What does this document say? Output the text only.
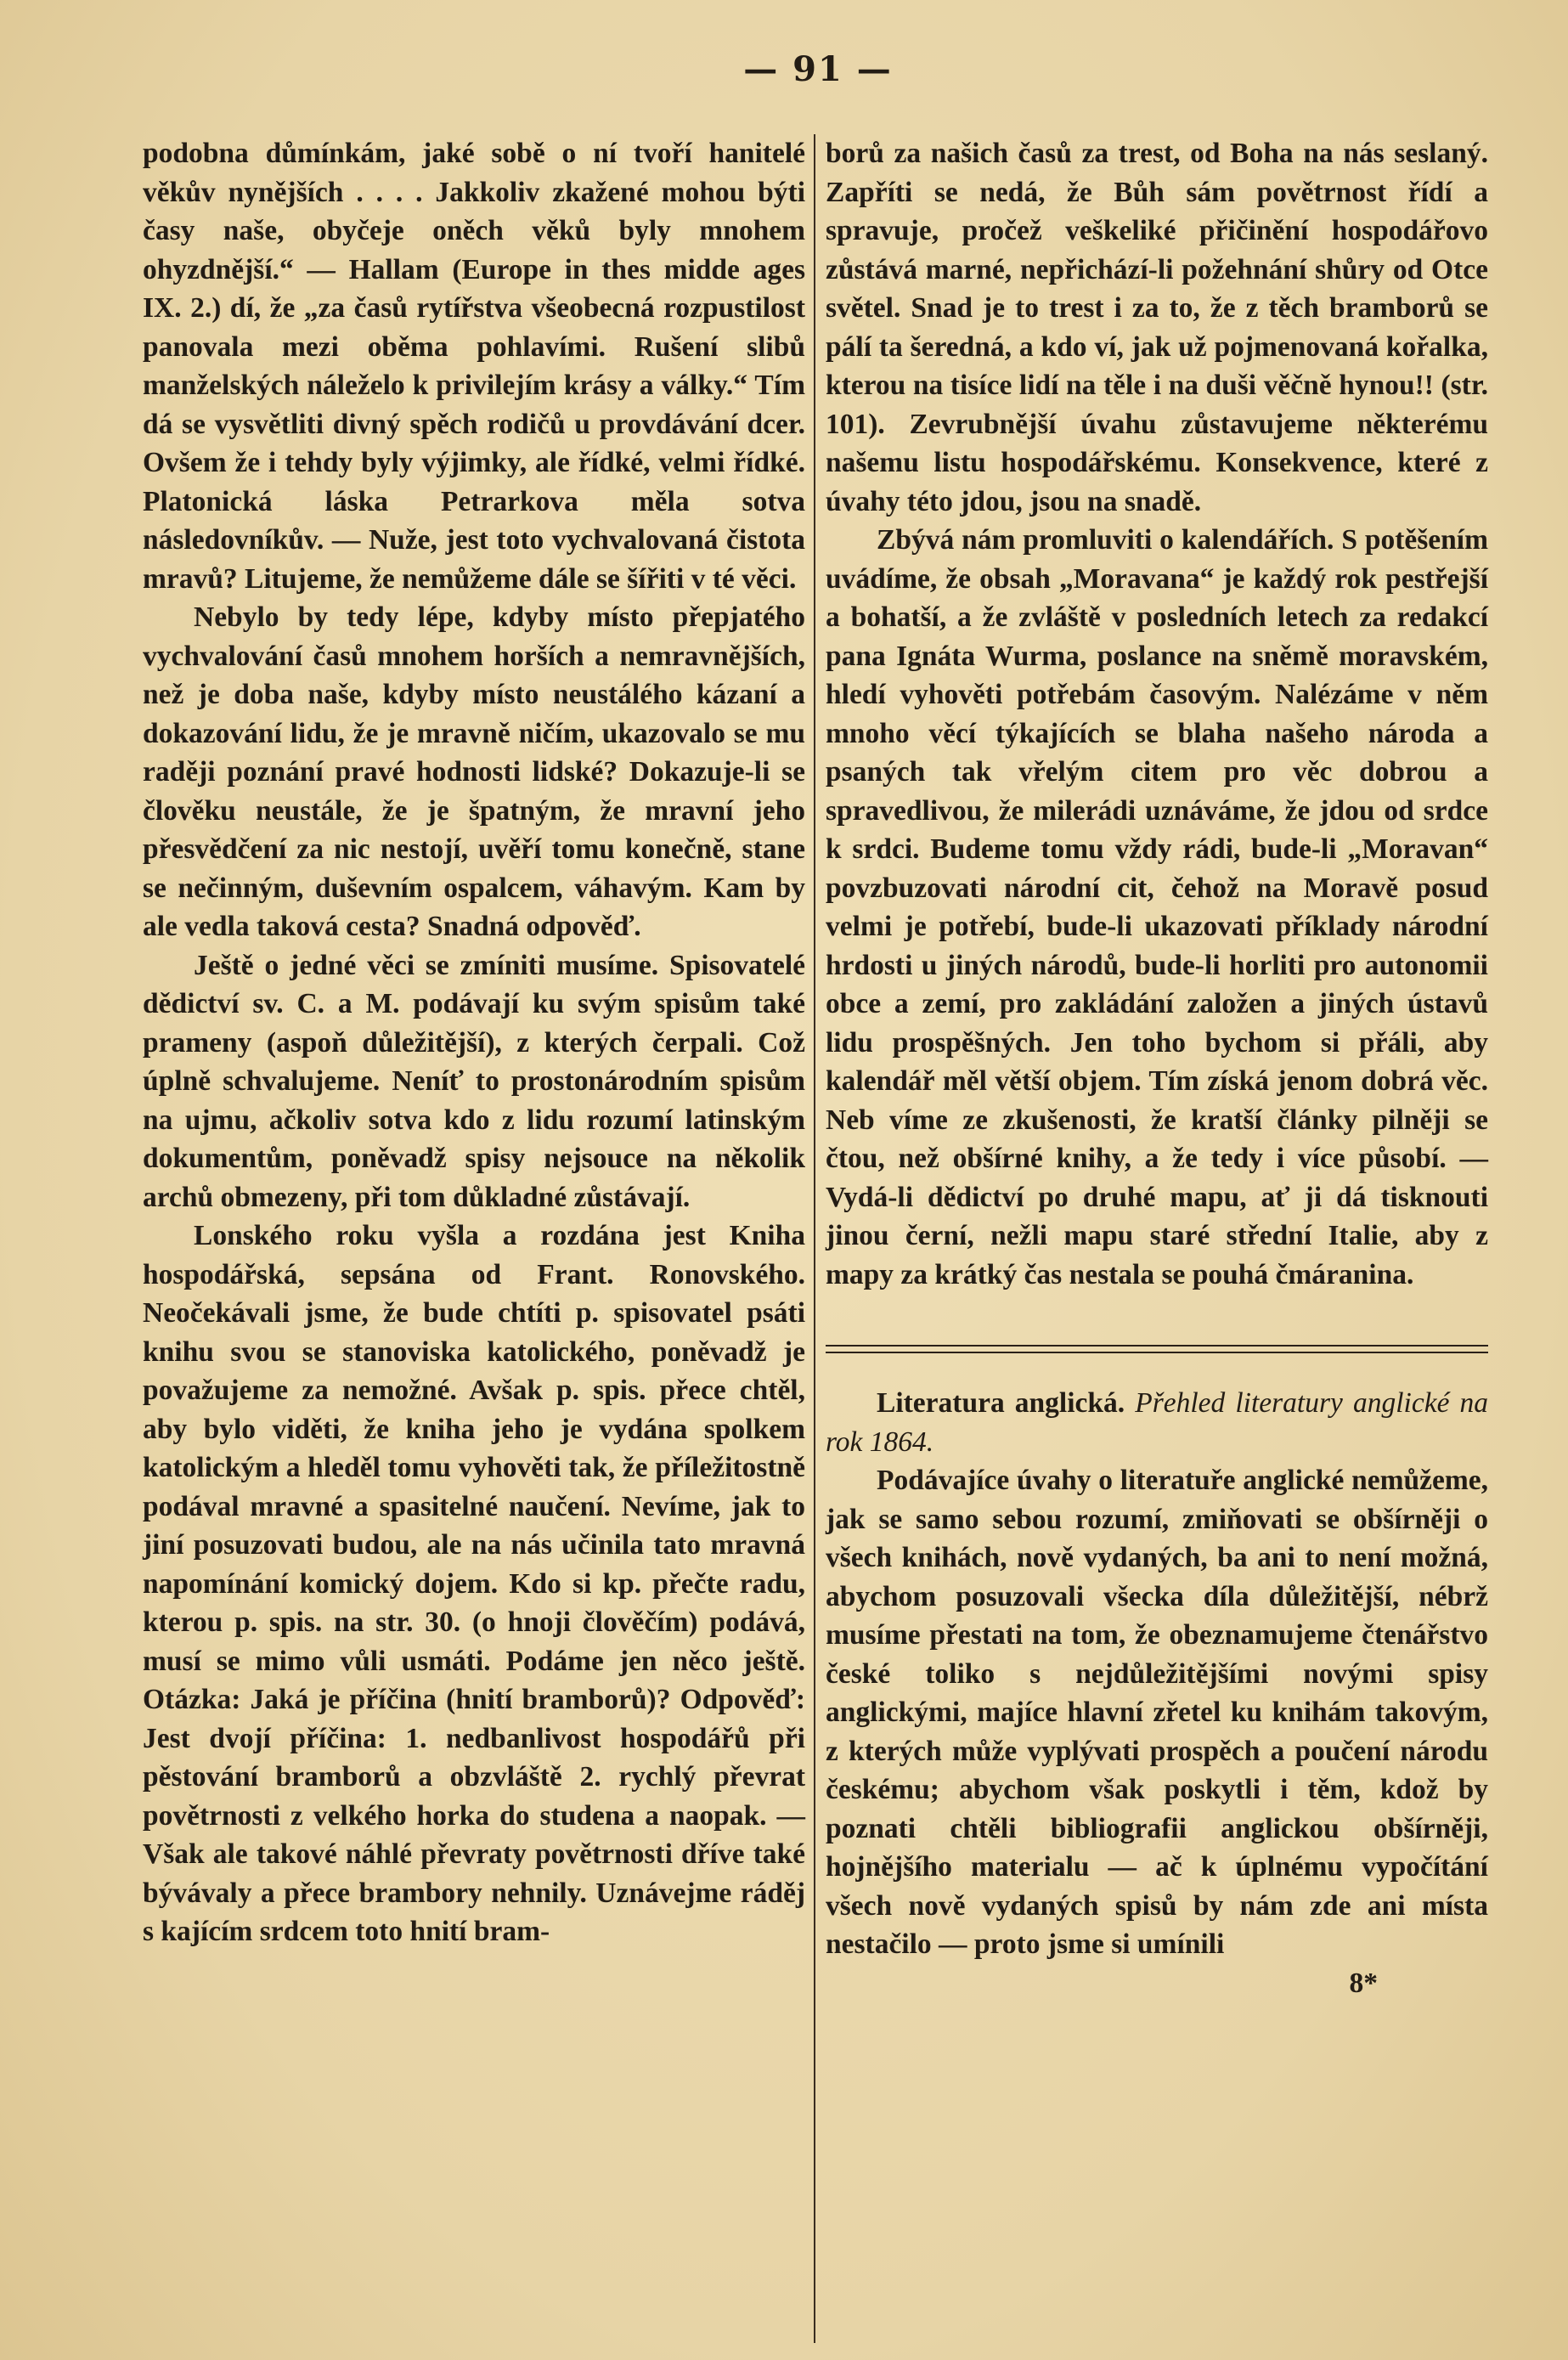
— 91 —

podobna důmínkám, jaké sobě o ní tvoří hanitelé věkův nynějších . . . . Jakkoliv zkažené mohou býti časy naše, obyčeje oněch věků byly mnohem ohyzdnější.“ — Hallam (Europe in thes midde ages IX. 2.) dí, že „za časů rytířstva všeobecná rozpustilost panovala mezi oběma pohlavími. Rušení slibů manželských náleželo k privilejím krásy a války.“ Tím dá se vysvětliti divný spěch rodičů u provdávání dcer. Ovšem že i tehdy byly výjimky, ale řídké, velmi řídké. Platonická láska Petrarkova měla sotva následovníkův. — Nuže, jest toto vychvalovaná čistota mravů? Litujeme, že nemůžeme dále se šířiti v té věci.

Nebylo by tedy lépe, kdyby místo přepjatého vychvalování časů mnohem horších a nemravnějších, než je doba naše, kdyby místo neustálého kázaní a dokazování lidu, že je mravně ničím, ukazovalo se mu raději poznání pravé hodnosti lidské? Dokazuje-li se člověku neustále, že je špatným, že mravní jeho přesvědčení za nic nestojí, uvěří tomu konečně, stane se nečinným, duševním ospalcem, váhavým. Kam by ale vedla taková cesta? Snadná odpověď.

Ještě o jedné věci se zmíniti musíme. Spisovatelé dědictví sv. C. a M. podávají ku svým spisům také prameny (aspoň důležitější), z kterých čerpali. Což úplně schvalujeme. Neníť to prostonárodním spisům na ujmu, ačkoliv sotva kdo z lidu rozumí latinským dokumentům, poněvadž spisy nejsouce na několik archů obmezeny, při tom důkladné zůstávají.

Lonského roku vyšla a rozdána jest Kniha hospodářská, sepsána od Frant. Ronovského. Neočekávali jsme, že bude chtíti p. spisovatel psáti knihu svou se stanoviska katolického, poněvadž je považujeme za nemožné. Avšak p. spis. přece chtěl, aby bylo viděti, že kniha jeho je vydána spolkem katolickým a hleděl tomu vyhověti tak, že příležitostně podával mravné a spasitelné naučení. Nevíme, jak to jiní posuzovati budou, ale na nás učinila tato mravná napomínání komický dojem. Kdo si kp. přečte radu, kterou p. spis. na str. 30. (o hnoji člověčím) podává, musí se mimo vůli usmáti. Podáme jen něco ještě. Otázka: Jaká je příčina (hnití bramborů)? Odpověď: Jest dvojí příčina: 1. nedbanlivost hospodářů při pěstování bramborů a obzvláště 2. rychlý převrat povětrnosti z velkého horka do studena a naopak. — Však ale takové náhlé převraty povětrnosti dříve také bývávaly a přece brambory nehnily. Uznávejme ráděj s kajícím srdcem toto hnití bram-

borů za našich časů za trest, od Boha na nás seslaný. Zapříti se nedá, že Bůh sám povětrnost řídí a spravuje, pročež veškeliké přičinění hospodářovo zůstává marné, nepřichází-li požehnání shůry od Otce světel. Snad je to trest i za to, že z těch bramborů se pálí ta šeredná, a kdo ví, jak už pojmenovaná kořalka, kterou na tisíce lidí na těle i na duši věčně hynou!! (str. 101). Zevrubnější úvahu zůstavujeme některému našemu listu hospodářskému. Konsekvence, které z úvahy této jdou, jsou na snadě.

Zbývá nám promluviti o kalendářích. S potěšením uvádíme, že obsah „Moravana“ je každý rok pestřejší a bohatší, a že zvláště v posledních letech za redakcí pana Ignáta Wurma, poslance na sněmě moravském, hledí vyhověti potřebám časovým. Nalézáme v něm mnoho věcí týkajících se blaha našeho národa a psaných tak vřelým citem pro věc dobrou a spravedlivou, že milerádi uznáváme, že jdou od srdce k srdci. Budeme tomu vždy rádi, bude-li „Moravan“ povzbuzovati národní cit, čehož na Moravě posud velmi je potřebí, bude-li ukazovati příklady národní hrdosti u jiných národů, bude-li horliti pro autonomii obce a zemí, pro zakládání založen a jiných ústavů lidu prospěšných. Jen toho bychom si přáli, aby kalendář měl větší objem. Tím získá jenom dobrá věc. Neb víme ze zkušenosti, že kratší články pilněji se čtou, než obšírné knihy, a že tedy i více působí. — Vydá-li dědictví po druhé mapu, ať ji dá tisknouti jinou černí, nežli mapu staré střední Italie, aby z mapy za krátký čas nestala se pouhá čmáranina.

Literatura anglická. Přehled literatury anglické na rok 1864.

Podávajíce úvahy o literatuře anglické nemůžeme, jak se samo sebou rozumí, zmiňovati se obšírněji o všech knihách, nově vydaných, ba ani to není možná, abychom posuzovali všecka díla důležitější, nébrž musíme přestati na tom, že obeznamujeme čtenářstvo české toliko s nejdůležitějšími novými spisy anglickými, majíce hlavní zřetel ku knihám takovým, z kterých může vyplývati prospěch a poučení národu českému; abychom však poskytli i těm, kdož by poznati chtěli bibliografii anglickou obšírněji, hojnějšího materialu — ač k úplnému vypočítání všech nově vydaných spisů by nám zde ani místa nestačilo — proto jsme si umínili

8*
